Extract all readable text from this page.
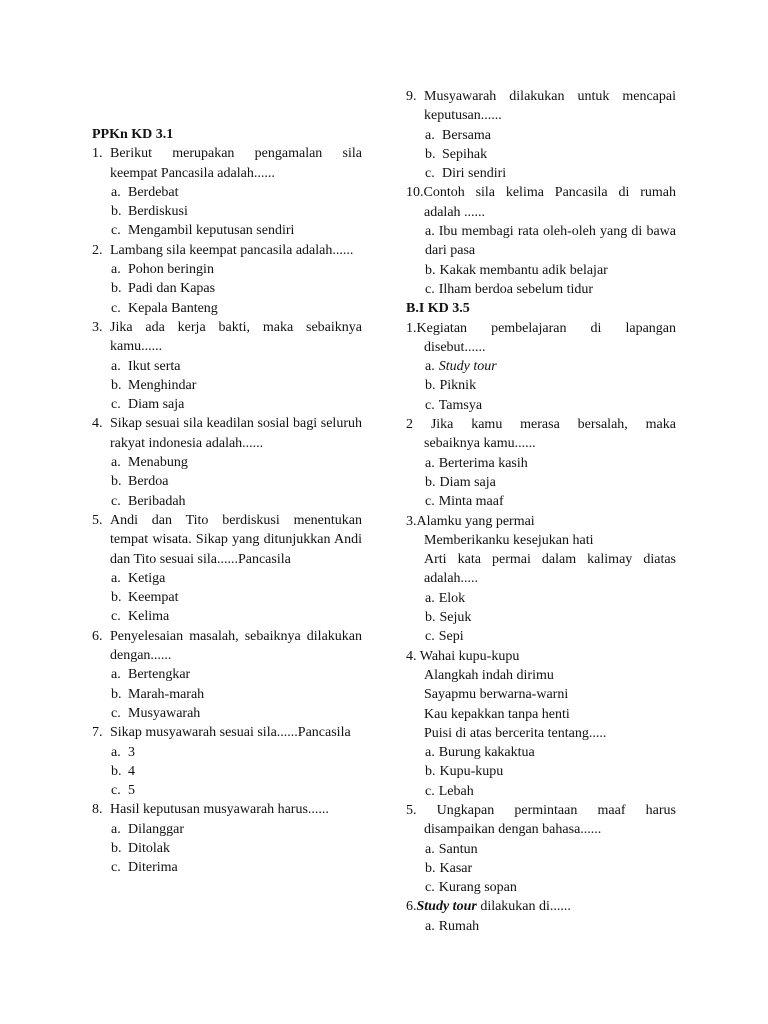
PPKn KD 3.1
1. Berikut merupakan pengamalan sila keempat Pancasila adalah......
a. Berdebat
b. Berdiskusi
c. Mengambil keputusan sendiri
2. Lambang sila keempat pancasila adalah......
a. Pohon beringin
b. Padi dan Kapas
c. Kepala Banteng
3. Jika ada kerja bakti, maka sebaiknya kamu......
a. Ikut serta
b. Menghindar
c. Diam saja
4. Sikap sesuai sila keadilan sosial bagi seluruh rakyat indonesia adalah......
a. Menabung
b. Berdoa
c. Beribadah
5. Andi dan Tito berdiskusi menentukan tempat wisata. Sikap yang ditunjukkan Andi dan Tito sesuai sila......Pancasila
a. Ketiga
b. Keempat
c. Kelima
6. Penyelesaian masalah, sebaiknya dilakukan dengan......
a. Bertengkar
b. Marah-marah
c. Musyawarah
7. Sikap musyawarah sesuai sila......Pancasila
a. 3
b. 4
c. 5
8. Hasil keputusan musyawarah harus......
a. Dilanggar
b. Ditolak
c. Diterima
9. Musyawarah dilakukan untuk mencapai keputusan......
a. Bersama
b. Sepihak
c. Diri sendiri
10.Contoh sila kelima Pancasila di rumah
adalah ......
a. Ibu membagi rata oleh-oleh yang di bawa dari pasa
b. Kakak membantu adik belajar
c. Ilham berdoa sebelum tidur
B.I KD 3.5
1.Kegiatan pembelajaran di lapangan
disebut......
a. Study tour
b. Piknik
c. Tamsya
2 Jika kamu merasa bersalah, maka
sebaiknya kamu......
a. Berterima kasih
b. Diam saja
c. Minta maaf
3.Alamku yang permai
Memberikanku kesejukan hati
Arti kata permai dalam kalimay diatas adalah.....
a. Elok
b. Sejuk
c. Sepi
4. Wahai kupu-kupu
Alangkah indah dirimu
Sayapmu berwarna-warni
Kau kepakkan tanpa henti
Puisi di atas bercerita tentang.....
a. Burung kakaktua
b. Kupu-kupu
c. Lebah
5. Ungkapan permintaan maaf harus
disampaikan dengan bahasa......
a. Santun
b. Kasar
c. Kurang sopan
6.Study tour dilakukan di......
a. Rumah
